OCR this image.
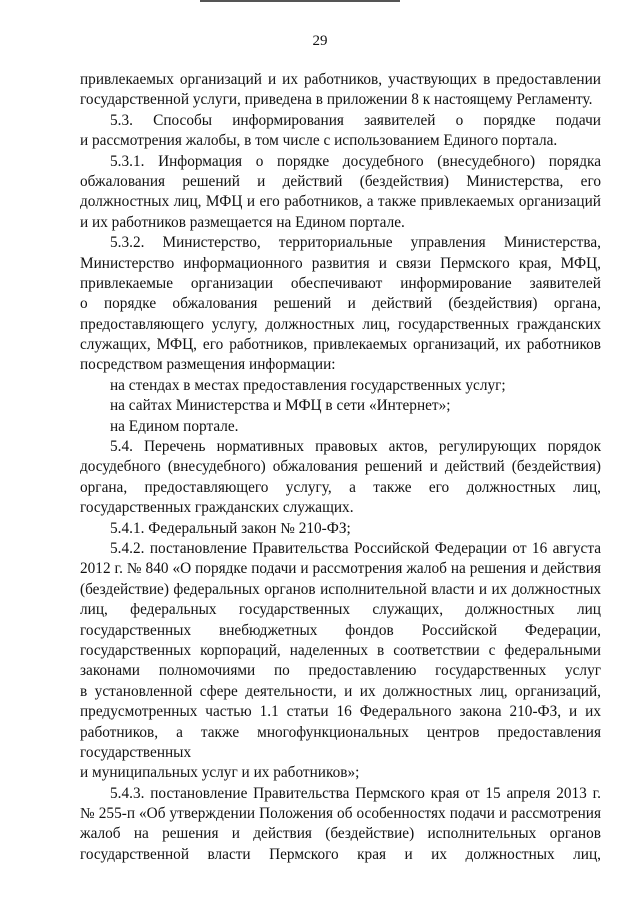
29
привлекаемых организаций и их работников, участвующих в предоставлении
государственной услуги, приведена в приложении 8 к настоящему Регламенту.
5.3. Способы информирования заявителей о порядке подачи
и рассмотрения жалобы, в том числе с использованием Единого портала.
5.3.1. Информация о порядке досудебного (внесудебного) порядка
обжалования решений и действий (бездействия) Министерства, его
должностных лиц, МФЦ и его работников, а также привлекаемых организаций
и их работников размещается на Едином портале.
5.3.2. Министерство, территориальные управления Министерства,
Министерство информационного развития и связи Пермского края, МФЦ,
привлекаемые организации обеспечивают информирование заявителей
о порядке обжалования решений и действий (бездействия) органа,
предоставляющего услугу, должностных лиц, государственных гражданских
служащих, МФЦ, его работников, привлекаемых организаций, их работников
посредством размещения информации:
на стендах в местах предоставления государственных услуг;
на сайтах Министерства и МФЦ в сети «Интернет»;
на Едином портале.
5.4. Перечень нормативных правовых актов, регулирующих порядок
досудебного (внесудебного) обжалования решений и действий (бездействия)
органа, предоставляющего услугу, а также его должностных лиц,
государственных гражданских служащих.
5.4.1. Федеральный закон № 210-ФЗ;
5.4.2. постановление Правительства Российской Федерации от 16 августа
2012 г. № 840 «О порядке подачи и рассмотрения жалоб на решения и действия
(бездействие) федеральных органов исполнительной власти и их должностных
лиц, федеральных государственных служащих, должностных лиц
государственных внебюджетных фондов Российской Федерации,
государственных корпораций, наделенных в соответствии с федеральными
законами полномочиями по предоставлению государственных услуг
в установленной сфере деятельности, и их должностных лиц, организаций,
предусмотренных частью 1.1 статьи 16 Федерального закона 210-ФЗ, и их
работников, а также многофункциональных центров предоставления
государственных
и муниципальных услуг и их работников»;
5.4.3. постановление Правительства Пермского края от 15 апреля 2013 г.
№ 255-п «Об утверждении Положения об особенностях подачи и рассмотрения
жалоб на решения и действия (бездействие) исполнительных органов
государственной власти Пермского края и их должностных лиц,
